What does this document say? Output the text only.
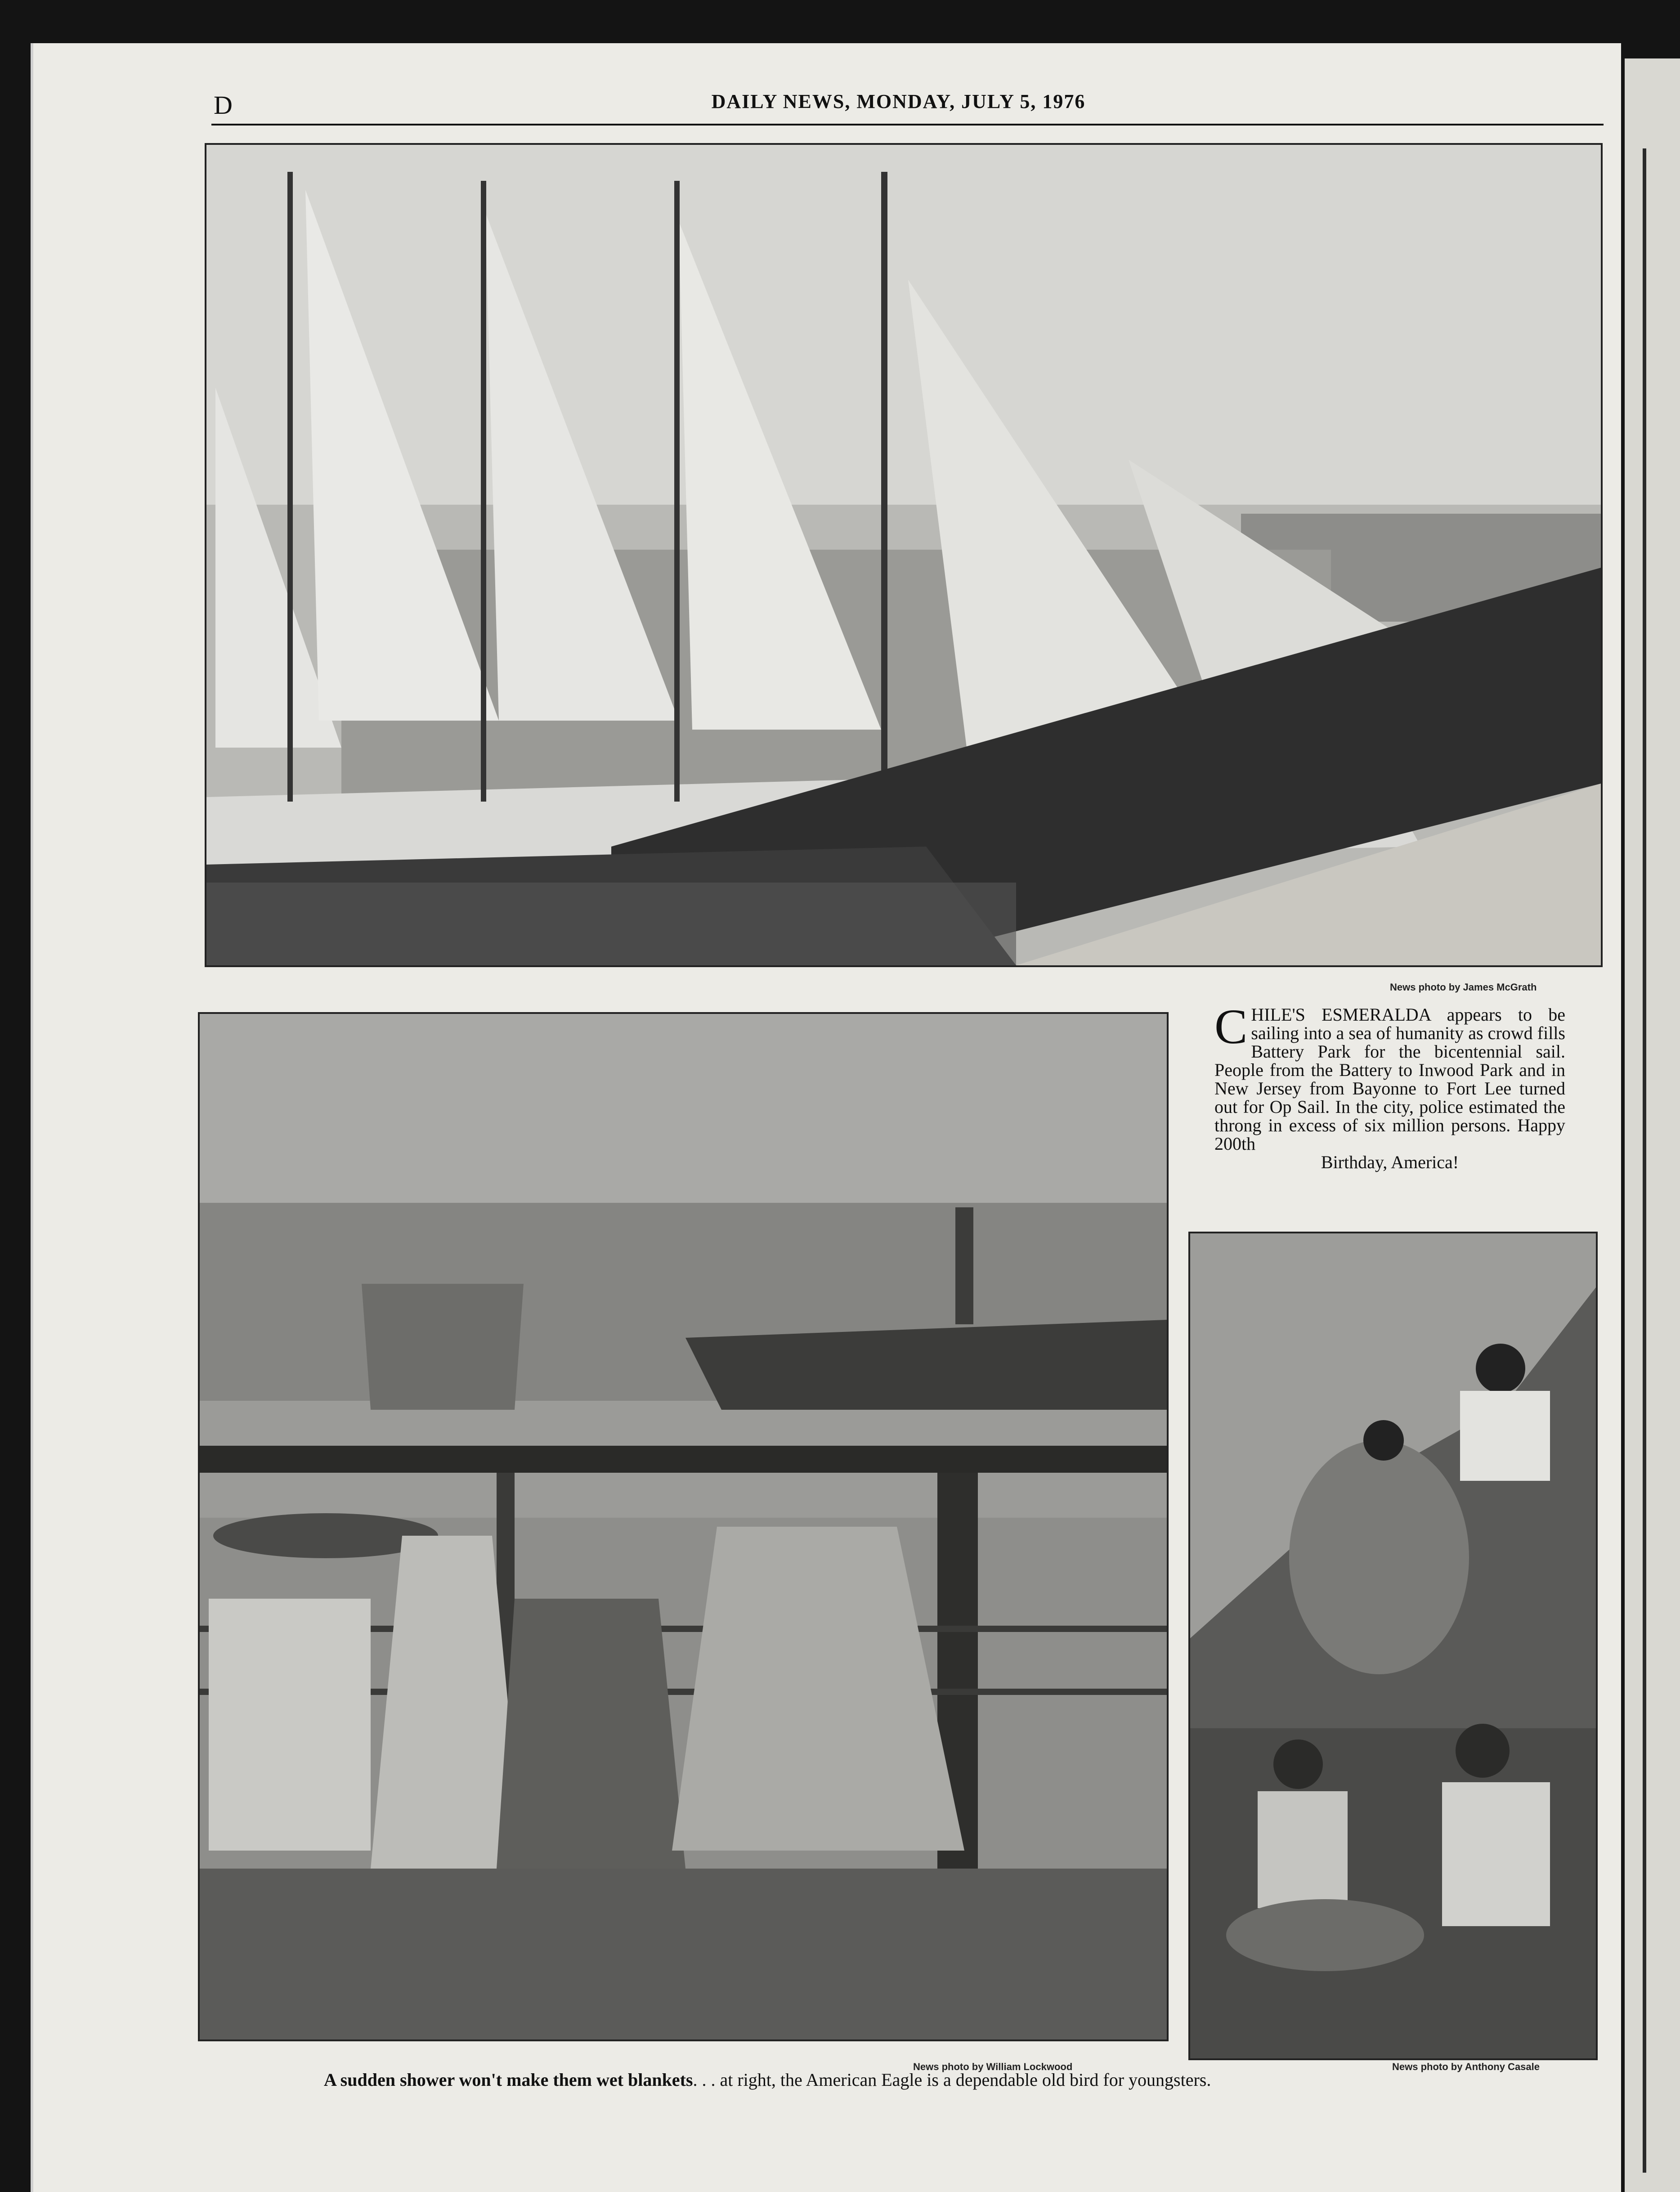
D	DAILY NEWS, MONDAY, JULY 5, 1976
News photo by James McGrath
C HILE'S ESMERALDA appears to be sailing into a sea of humanity as crowd fills Battery Park for the bicentennial sail. People from the Battery to Inwood Park and in New Jersey from Bayonne to Fort Lee turned out for Op Sail. In the city, police estimated the throng in excess of six million persons. Happy 200th
Birthday, America!
News photo by William Lockwood	News photo by Anthony Casale
A sudden shower won't make them wet blankets. . . at right, the American Eagle is a dependable old bird for youngsters.
